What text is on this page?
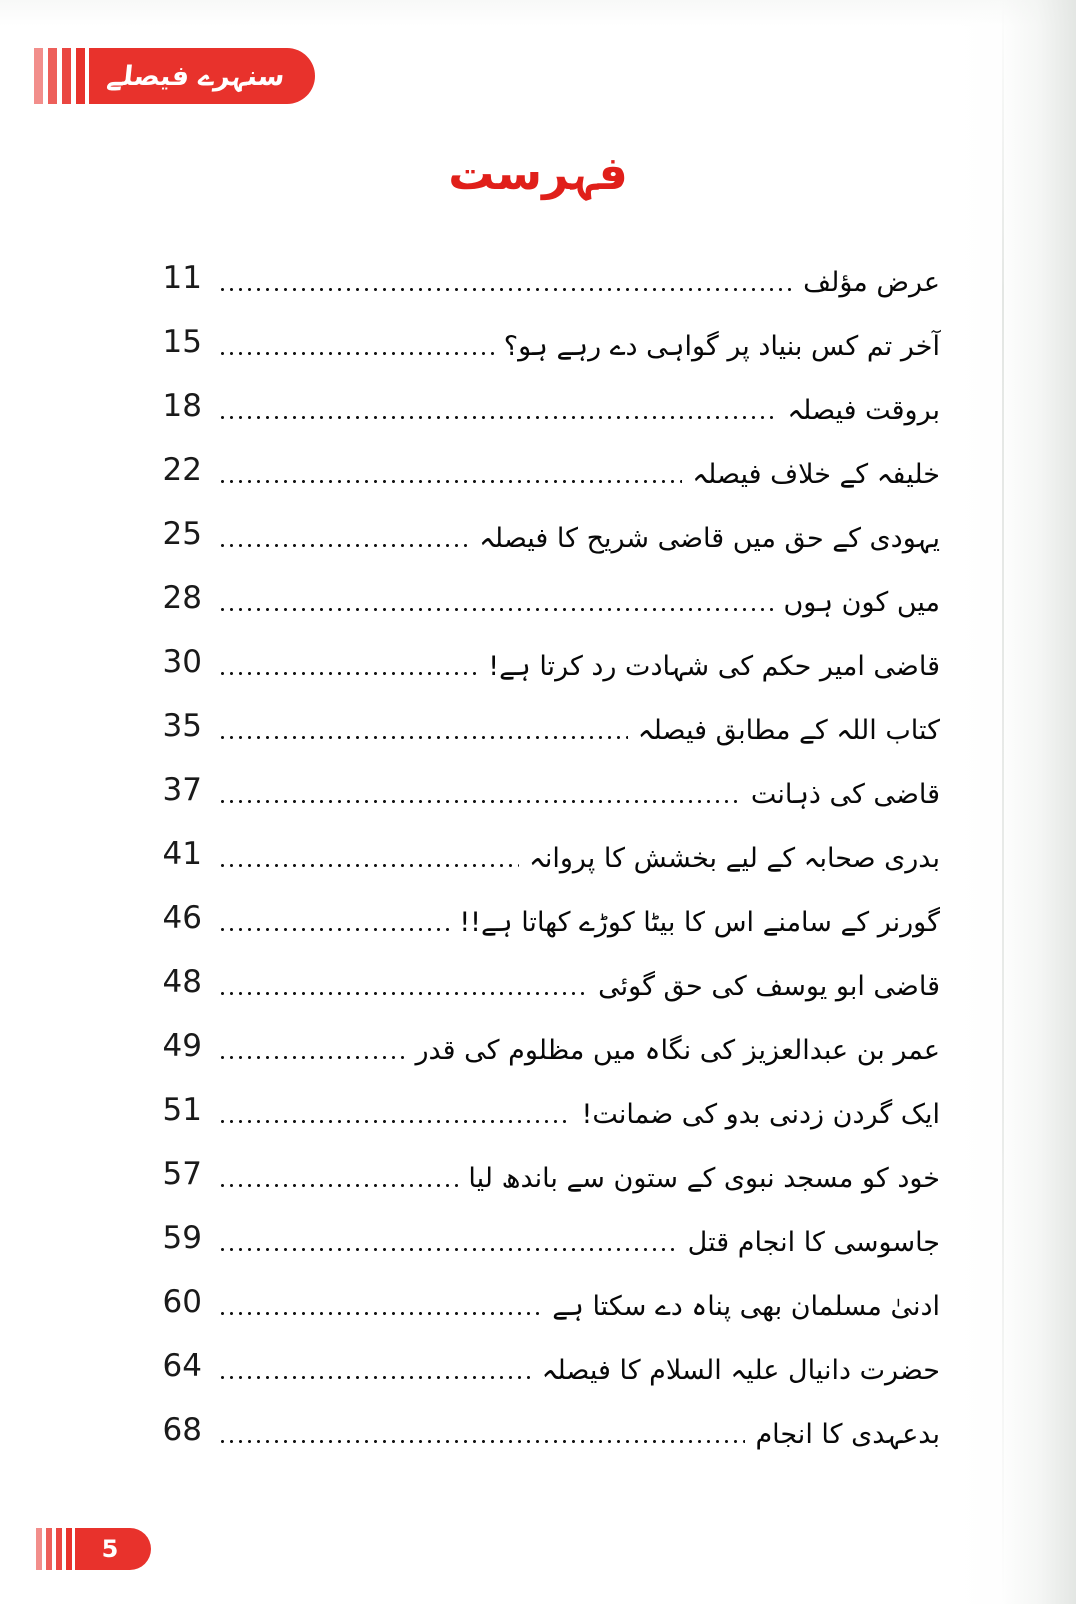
سنہرے فیصلے
فہرست
11	عرض مؤلف
15	آخر تم کس بنیاد پر گواہی دے رہے ہو؟
18	بروقت فیصلہ
22	خلیفہ کے خلاف فیصلہ
25	یہودی کے حق میں قاضی شریح کا فیصلہ
28	میں کون ہوں
30	قاضی امیر حکم کی شہادت رد کرتا ہے!
35	کتاب اللہ کے مطابق فیصلہ
37	قاضی کی ذہانت
41	بدری صحابہ کے لیے بخشش کا پروانہ
46	گورنر کے سامنے اس کا بیٹا کوڑے کھاتا ہے!!
48	قاضی ابو یوسف کی حق گوئی
49	عمر بن عبدالعزیز کی نگاہ میں مظلوم کی قدر
51	ایک گردن زدنی بدو کی ضمانت!
57	خود کو مسجد نبوی کے ستون سے باندھ لیا
59	جاسوسی کا انجام قتل
60	ادنیٰ مسلمان بھی پناہ دے سکتا ہے
64	حضرت دانیال علیہ السلام کا فیصلہ
68	بدعہدی کا انجام
5
